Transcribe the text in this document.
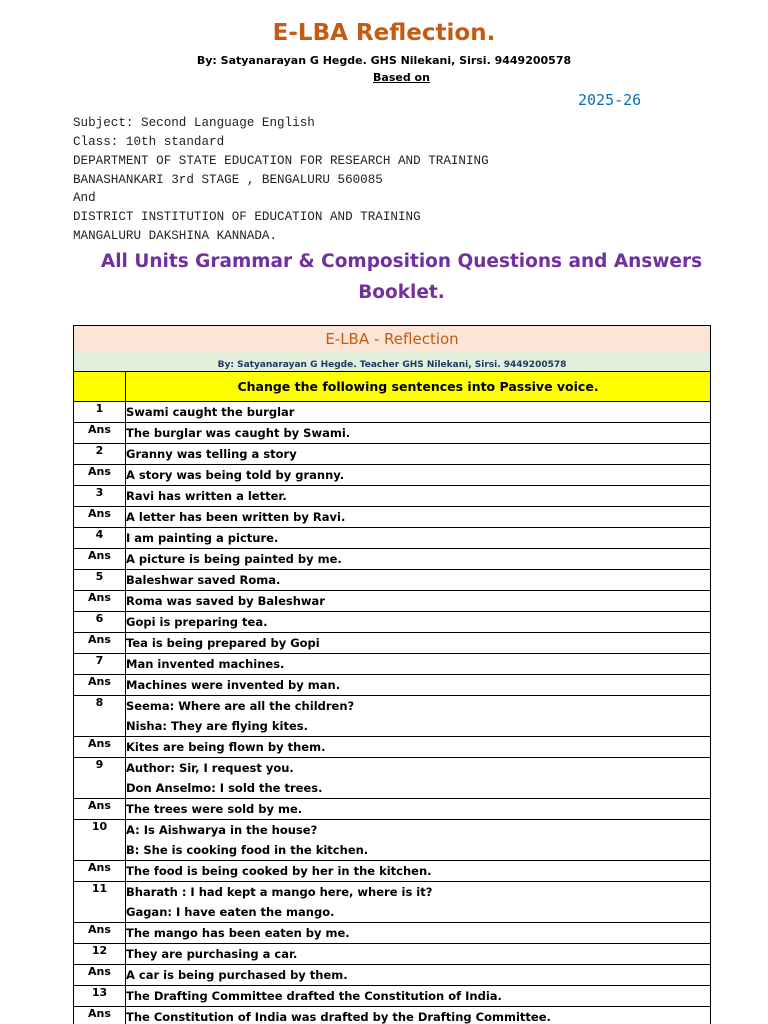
E-LBA Reflection.
By: Satyanarayan G Hegde. GHS Nilekani, Sirsi. 9449200578
Based on
2025-26
Subject: Second Language English
Class: 10th standard
DEPARTMENT OF STATE EDUCATION FOR RESEARCH AND TRAINING
BANASHANKARI 3rd STAGE , BENGALURU 560085
And
DISTRICT INSTITUTION OF EDUCATION AND TRAINING
MANGALURU DAKSHINA KANNADA.
All Units Grammar & Composition Questions and Answers
Booklet.
E-LBA - Reflection	
By: Satyanarayan G Hegde. Teacher GHS Nilekani, Sirsi. 9449200578	
	Change the following sentences into Passive voice.
1	Swami caught the burglar

Ans	The burglar was caught by Swami.

2	Granny was telling a story

Ans	A story was being told by granny.

3	Ravi has written a letter.

Ans	A letter has been written by Ravi.

4	I am painting a picture.

Ans	A picture is being painted by me.

5	Baleshwar saved Roma.

Ans	Roma was saved by Baleshwar

6	Gopi is preparing tea.

Ans	Tea is being prepared by Gopi

7	Man invented machines.

Ans	Machines were invented by man.

8	Seema: Where are all the children?
Nisha: They are flying kites.

Ans	Kites are being flown by them.

9	Author: Sir, I request you.
Don Anselmo: I sold the trees.

Ans	The trees were sold by me.

10	A: Is Aishwarya in the house?
B: She is cooking food in the kitchen.

Ans	The food is being cooked by her in the kitchen.

11	Bharath : I had kept a mango here, where is it?
Gagan: I have eaten the mango.

Ans	The mango has been eaten by me.

12	They are purchasing a car.

Ans	A car is being purchased by them.

13	The Drafting Committee drafted the Constitution of India.

Ans	The Constitution of India was drafted by the Drafting Committee.
